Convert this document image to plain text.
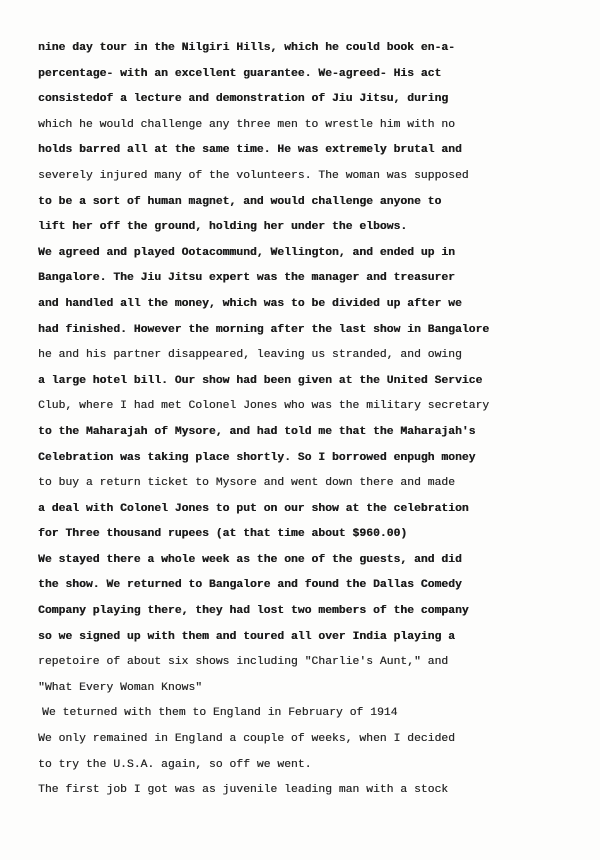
nine day tour in the Nilgiri Hills, which he could book en-a-
percentage- with an excellent guarantee. We-agreed- His act
consistedof a lecture and demonstration of Jiu Jitsu, during
which he would challenge any three men to wrestle him with no
holds barred all at the same time. He was extremely brutal and
severely injured many of the volunteers. The woman was supposed
to be a sort of human magnet, and would challenge anyone to
lift her off the ground, holding her under the elbows.
We agreed and played Ootacommund, Wellington, and ended up in
Bangalore. The Jiu Jitsu expert was the manager and treasurer
and handled all the money, which was to be divided up after we
had finished. However the morning after the last show in Bangalore
he and his partner disappeared, leaving us stranded, and owing
a large hotel bill. Our show had been given at the United Service
Club, where I had met Colonel Jones who was the military secretary
to the Maharajah of Mysore, and had told me that the Maharajah's
Celebration was taking place shortly. So I borrowed enpugh money
to buy a return ticket to Mysore and went down there and made
a deal with Colonel Jones to put on our show at the celebration
for Three thousand rupees (at that time about $960.00)
We stayed there a whole week as the one of the guests, and did
the show. We returned to Bangalore and found the Dallas Comedy
Company playing there, they had lost two members of the company
so we signed up with them and toured all over India playing a
repetoire of about six shows including "Charlie's Aunt," and
"What Every Woman Knows"
We teturned with them to England in February of 1914
We only remained in England a couple of weeks, when I decided
to try the U.S.A. again, so off we went.
The first job I got was as juvenile leading man with a stock
